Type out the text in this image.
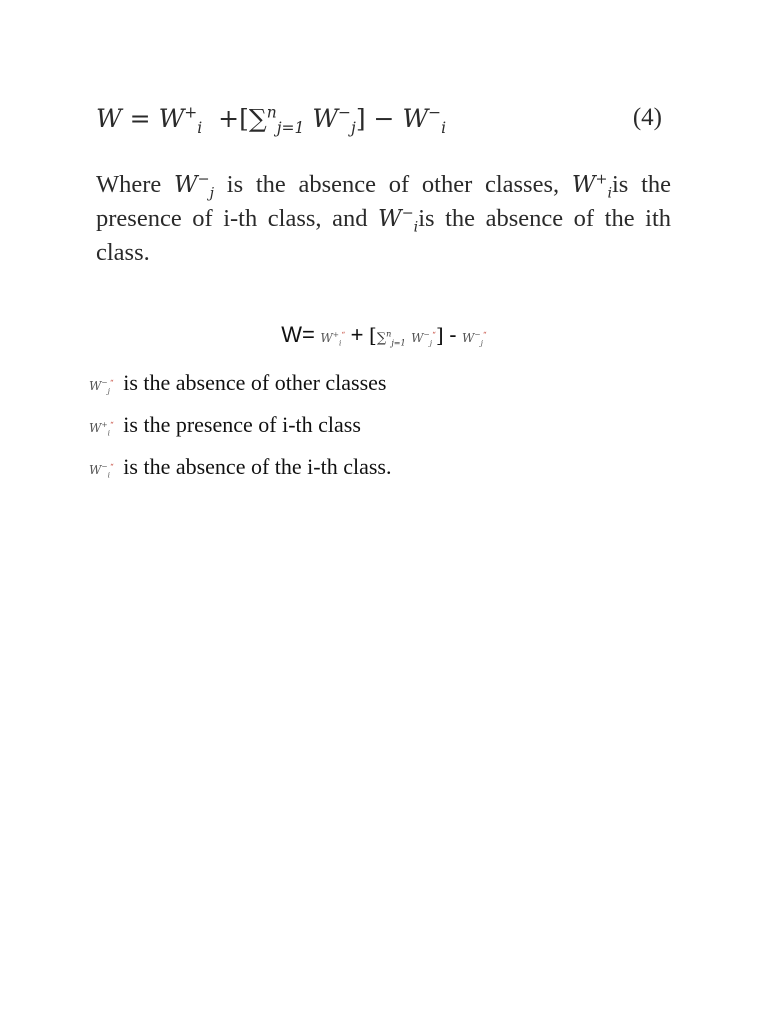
$W = W^+_i +[\sum^n_{j=1}$ $W^-_j] - W^-_i$	(4)
Where $W^-_j$ is the absence of other classes, $W^+_iis$ the presence of i-th class, and $W^-_iis$ the absence of the ith class.
$W= W^+_i^“ + [\sum^n_{j=1}$ $W^-_j^“] - W^-_j^“$
$W^-_j^“$ is the absence of other classes
$W^+_i^“$ is the presence of i-th class
$W^-_i^“$ is the absence of the i-th class.
